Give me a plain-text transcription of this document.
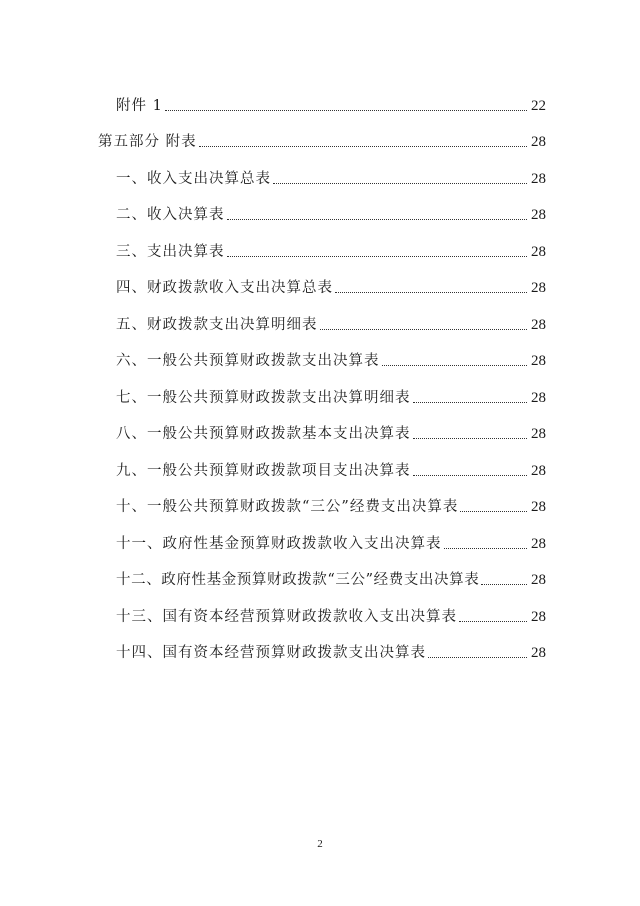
附件 1	22
第五部分 附表	28
一、收入支出决算总表	28
二、收入决算表	28
三、支出决算表	28
四、财政拨款收入支出决算总表	28
五、财政拨款支出决算明细表	28
六、一般公共预算财政拨款支出决算表	28
七、一般公共预算财政拨款支出决算明细表	28
八、一般公共预算财政拨款基本支出决算表	28
九、一般公共预算财政拨款项目支出决算表	28
十、一般公共预算财政拨款“三公”经费支出决算表	28
十一、政府性基金预算财政拨款收入支出决算表	28
十二、政府性基金预算财政拨款“三公”经费支出决算表	28
十三、国有资本经营预算财政拨款收入支出决算表	28
十四、国有资本经营预算财政拨款支出决算表	28
2
